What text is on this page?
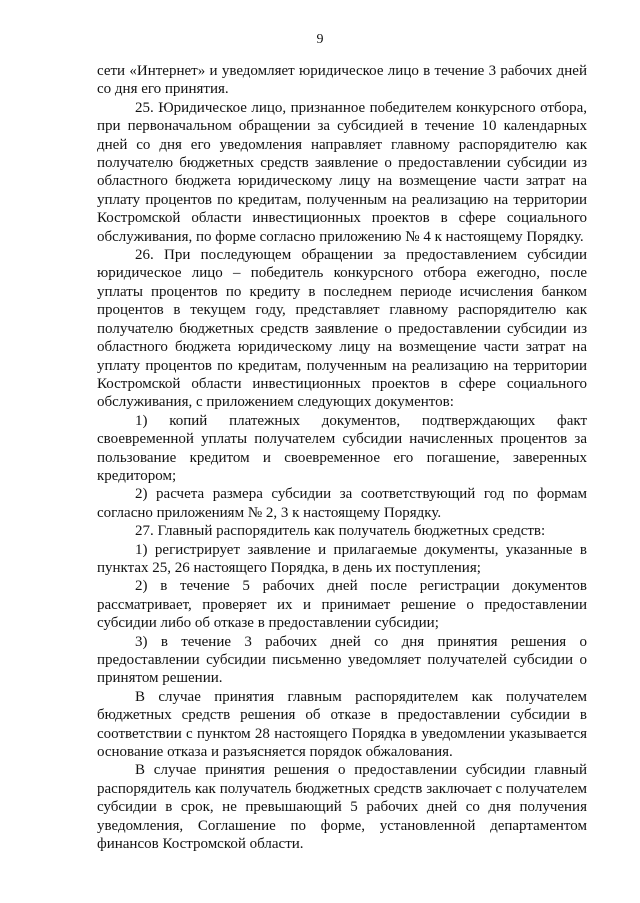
9

сети «Интернет» и уведомляет юридическое лицо в течение 3 рабочих дней со дня его принятия.

25. Юридическое лицо, признанное победителем конкурсного отбора, при первоначальном обращении за субсидией в течение 10 календарных дней со дня его уведомления направляет главному распорядителю как получателю бюджетных средств заявление о предоставлении субсидии из областного бюджета юридическому лицу на возмещение части затрат на уплату процентов по кредитам, полученным на реализацию на территории Костромской области инвестиционных проектов в сфере социального обслуживания, по форме согласно приложению № 4 к настоящему Порядку.

26. При последующем обращении за предоставлением субсидии юридическое лицо – победитель конкурсного отбора ежегодно, после уплаты процентов по кредиту в последнем периоде исчисления банком процентов в текущем году, представляет главному распорядителю как получателю бюджетных средств заявление о предоставлении субсидии из областного бюджета юридическому лицу на возмещение части затрат на уплату процентов по кредитам, полученным на реализацию на территории Костромской области инвестиционных проектов в сфере социального обслуживания, с приложением следующих документов:

1) копий платежных документов, подтверждающих факт своевременной уплаты получателем субсидии начисленных процентов за пользование кредитом и своевременное его погашение, заверенных кредитором;

2) расчета размера субсидии за соответствующий год по формам согласно приложениям № 2, 3 к настоящему Порядку.

27. Главный распорядитель как получатель бюджетных средств:

1) регистрирует заявление и прилагаемые документы, указанные в пунктах 25, 26 настоящего Порядка, в день их поступления;

2) в течение 5 рабочих дней после регистрации документов рассматривает, проверяет их и принимает решение о предоставлении субсидии либо об отказе в предоставлении субсидии;

3) в течение 3 рабочих дней со дня принятия решения о предоставлении субсидии письменно уведомляет получателей субсидии о принятом решении.

В случае принятия главным распорядителем как получателем бюджетных средств решения об отказе в предоставлении субсидии в соответствии с пунктом 28 настоящего Порядка в уведомлении указывается основание отказа и разъясняется порядок обжалования.

В случае принятия решения о предоставлении субсидии главный распорядитель как получатель бюджетных средств заключает с получателем субсидии в срок, не превышающий 5 рабочих дней со дня получения уведомления, Соглашение по форме, установленной департаментом финансов Костромской области.
